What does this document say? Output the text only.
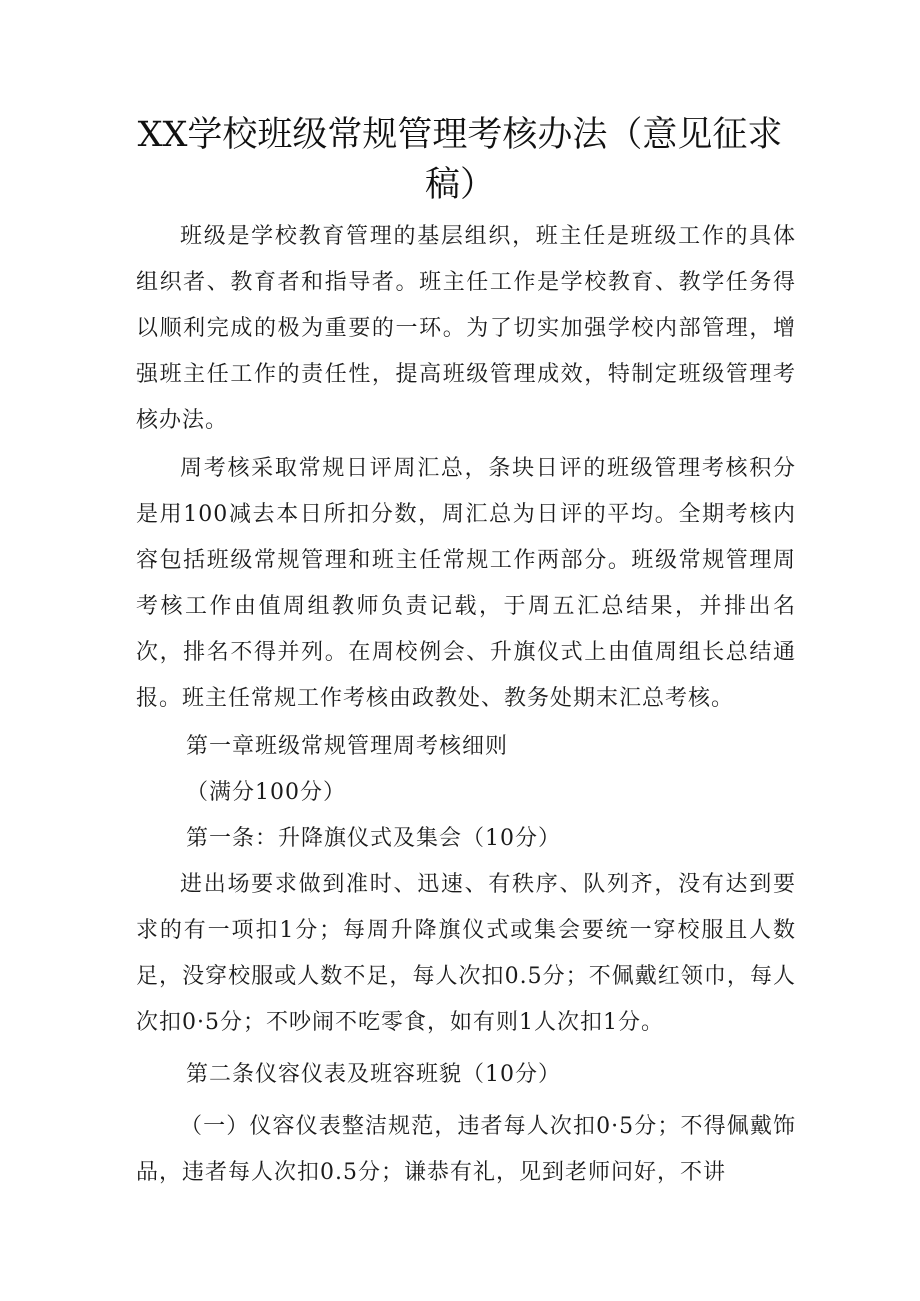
XX学校班级常规管理考核办法（意见征求
稿）

班级是学校教育管理的基层组织，班主任是班级工作的具体组织者、教育者和指导者。班主任工作是学校教育、教学任务得以顺利完成的极为重要的一环。为了切实加强学校内部管理，增强班主任工作的责任性，提高班级管理成效，特制定班级管理考核办法。

周考核采取常规日评周汇总，条块日评的班级管理考核积分是用100减去本日所扣分数，周汇总为日评的平均。全期考核内容包括班级常规管理和班主任常规工作两部分。班级常规管理周考核工作由值周组教师负责记载，于周五汇总结果，并排出名次，排名不得并列。在周校例会、升旗仪式上由值周组长总结通报。班主任常规工作考核由政教处、教务处期末汇总考核。

第一章班级常规管理周考核细则

（满分100分）

第一条：升降旗仪式及集会（10分）

进出场要求做到准时、迅速、有秩序、队列齐，没有达到要求的有一项扣1分；每周升降旗仪式或集会要统一穿校服且人数足，没穿校服或人数不足，每人次扣0.5分；不佩戴红领巾，每人次扣0·5分；不吵闹不吃零食，如有则1人次扣1分。

第二条仪容仪表及班容班貌（10分）

（一）仪容仪表整洁规范，违者每人次扣0·5分；不得佩戴饰品，违者每人次扣0.5分；谦恭有礼，见到老师问好，不讲
